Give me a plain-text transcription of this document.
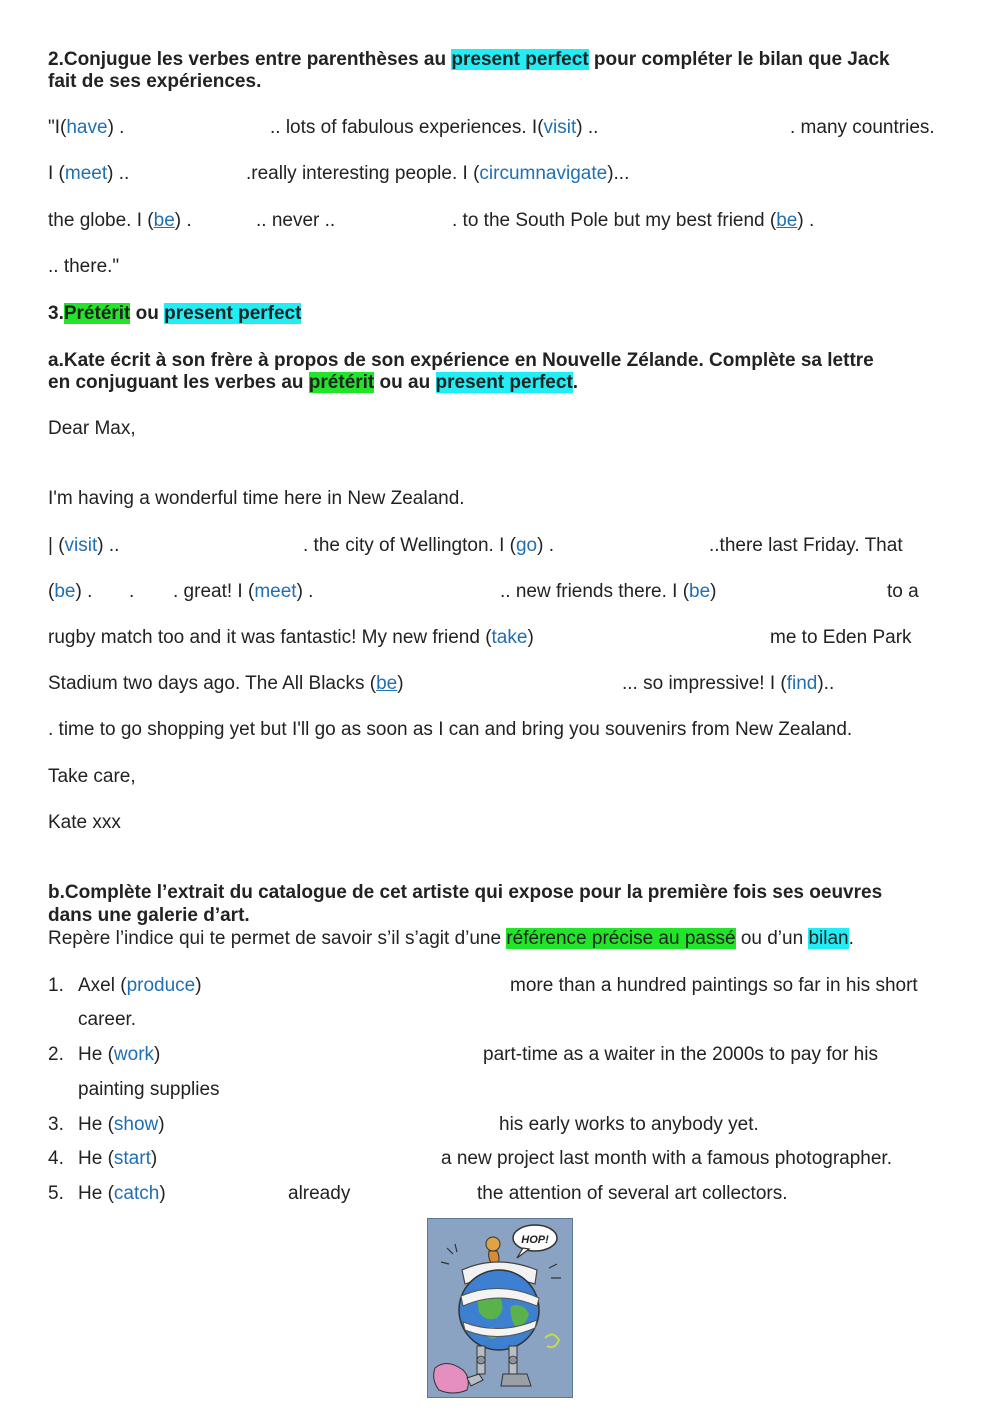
2.Conjugue les verbes entre parenthèses au present perfect pour compléter le bilan que Jack
fait de ses expériences.
"I(have) .	.. lots of fabulous experiences. I(visit) ..	. many countries.
I (meet) ..	.really interesting people. I (circumnavigate)...
the globe. I (be) .	.. never ..	. to the South Pole but my best friend (be) .
.. there."
3.Prétérit ou present perfect
a.Kate écrit à son frère à propos de son expérience en Nouvelle Zélande. Complète sa lettre
en conjuguant les verbes au prétérit ou au present perfect.
Dear Max,
I'm having a wonderful time here in New Zealand.
| (visit) ..	. the city of Wellington. I (go) .	..there last Friday. That
(be) . . . great! I (meet) .	.. new friends there. I (be)	to a
rugby match too and it was fantastic! My new friend (take)	me to Eden Park
Stadium two days ago. The All Blacks (be)	... so impressive! I (find)..
. time to go shopping yet but I'll go as soon as I can and bring you souvenirs from New Zealand.
Take care,
Kate xxx
b.Complète l’extrait du catalogue de cet artiste qui expose pour la première fois ses oeuvres
dans une galerie d’art.
Repère l’indice qui te permet de savoir s’il s’agit d’une référence précise au passé ou d’un bilan.
1. Axel (produce)	more than a hundred paintings so far in his short
career.
2. He (work)	part-time as a waiter in the 2000s to pay for his
painting supplies
3. He (show)	his early works to anybody yet.
4. He (start)	a new project last month with a famous photographer.
5. He (catch)	already	the attention of several art collectors.
HOP!
